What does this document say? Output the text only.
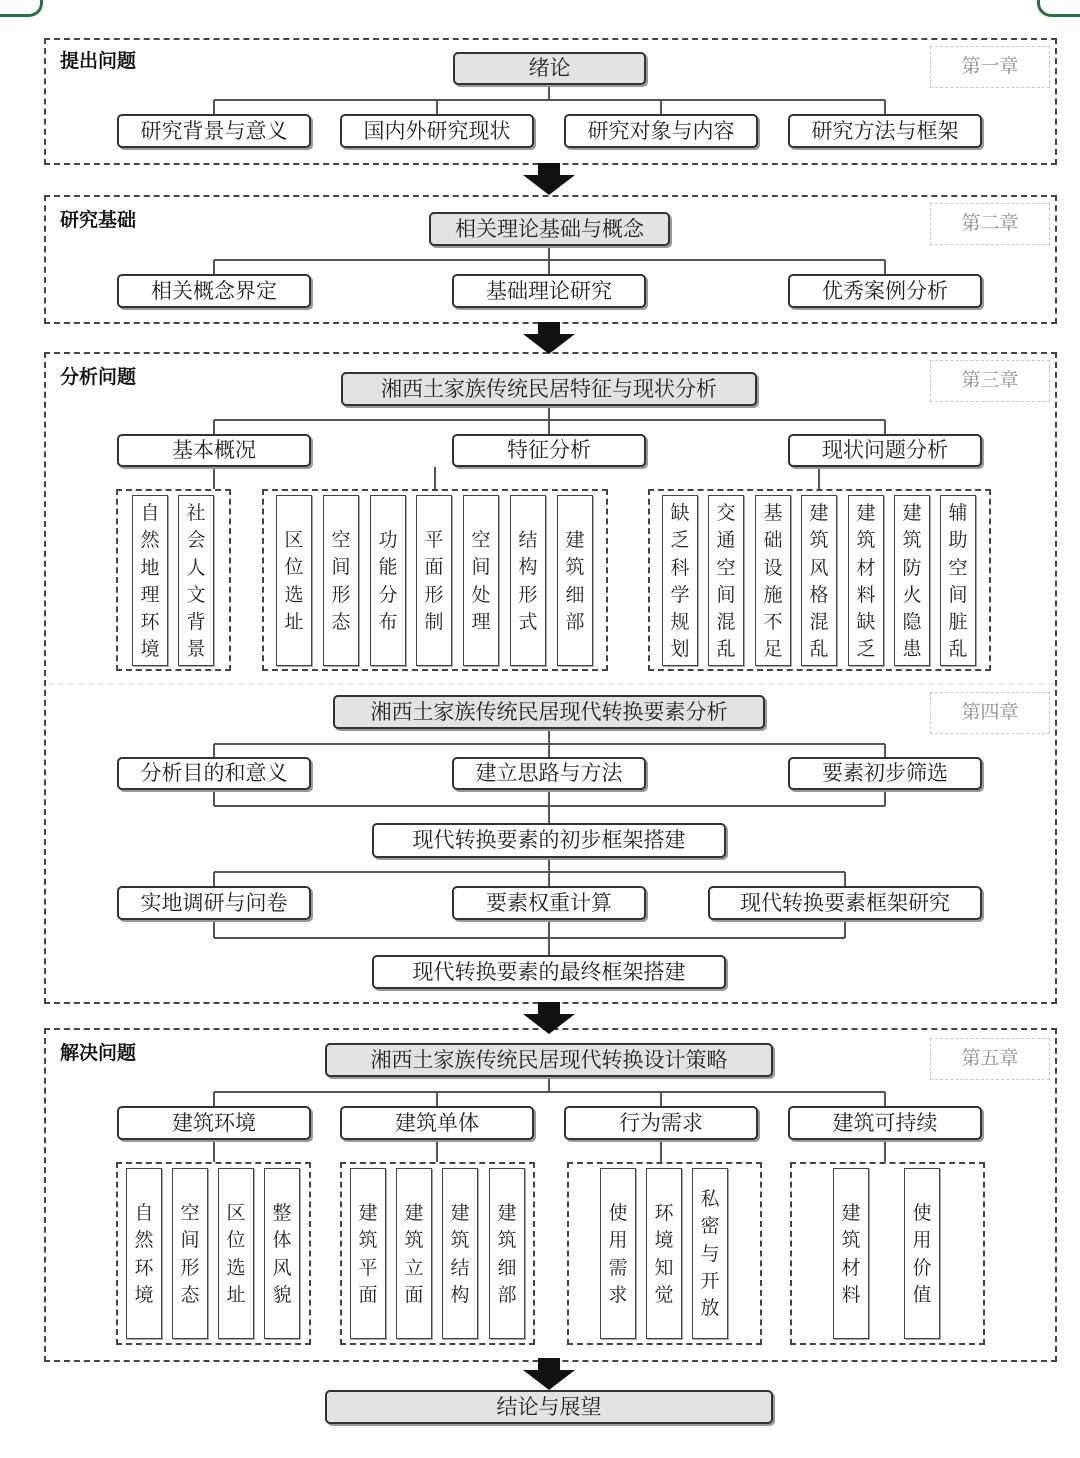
提出问题
研究基础
分析问题
解决问题
第一章
第二章
第三章
第四章
第五章
绪论
研究背景与意义	国内外研究现状	研究对象与内容	研究方法与框架
相关理论基础与概念
相关概念界定	基础理论研究	优秀案例分析
湘西土家族传统民居特征与现状分析
基本概况	特征分析	现状问题分析
自然地理环境
社会人文背景
区位选址
空间形态
功能分布
平面形制
空间处理
结构形式
建筑细部
缺乏科学规划
交通空间混乱
基础设施不足
建筑风格混乱
建筑材料缺乏
建筑防火隐患
辅助空间脏乱
湘西土家族传统民居现代转换要素分析
分析目的和意义	建立思路与方法	要素初步筛选
现代转换要素的初步框架搭建
实地调研与问卷	要素权重计算	现代转换要素框架研究
现代转换要素的最终框架搭建
湘西土家族传统民居现代转换设计策略
建筑环境	建筑单体	行为需求	建筑可持续
自然环境
空间形态
区位选址
整体风貌
建筑平面
建筑立面
建筑结构
建筑细部
使用需求
环境知觉
私密与开放
建筑材料
使用价值
结论与展望
